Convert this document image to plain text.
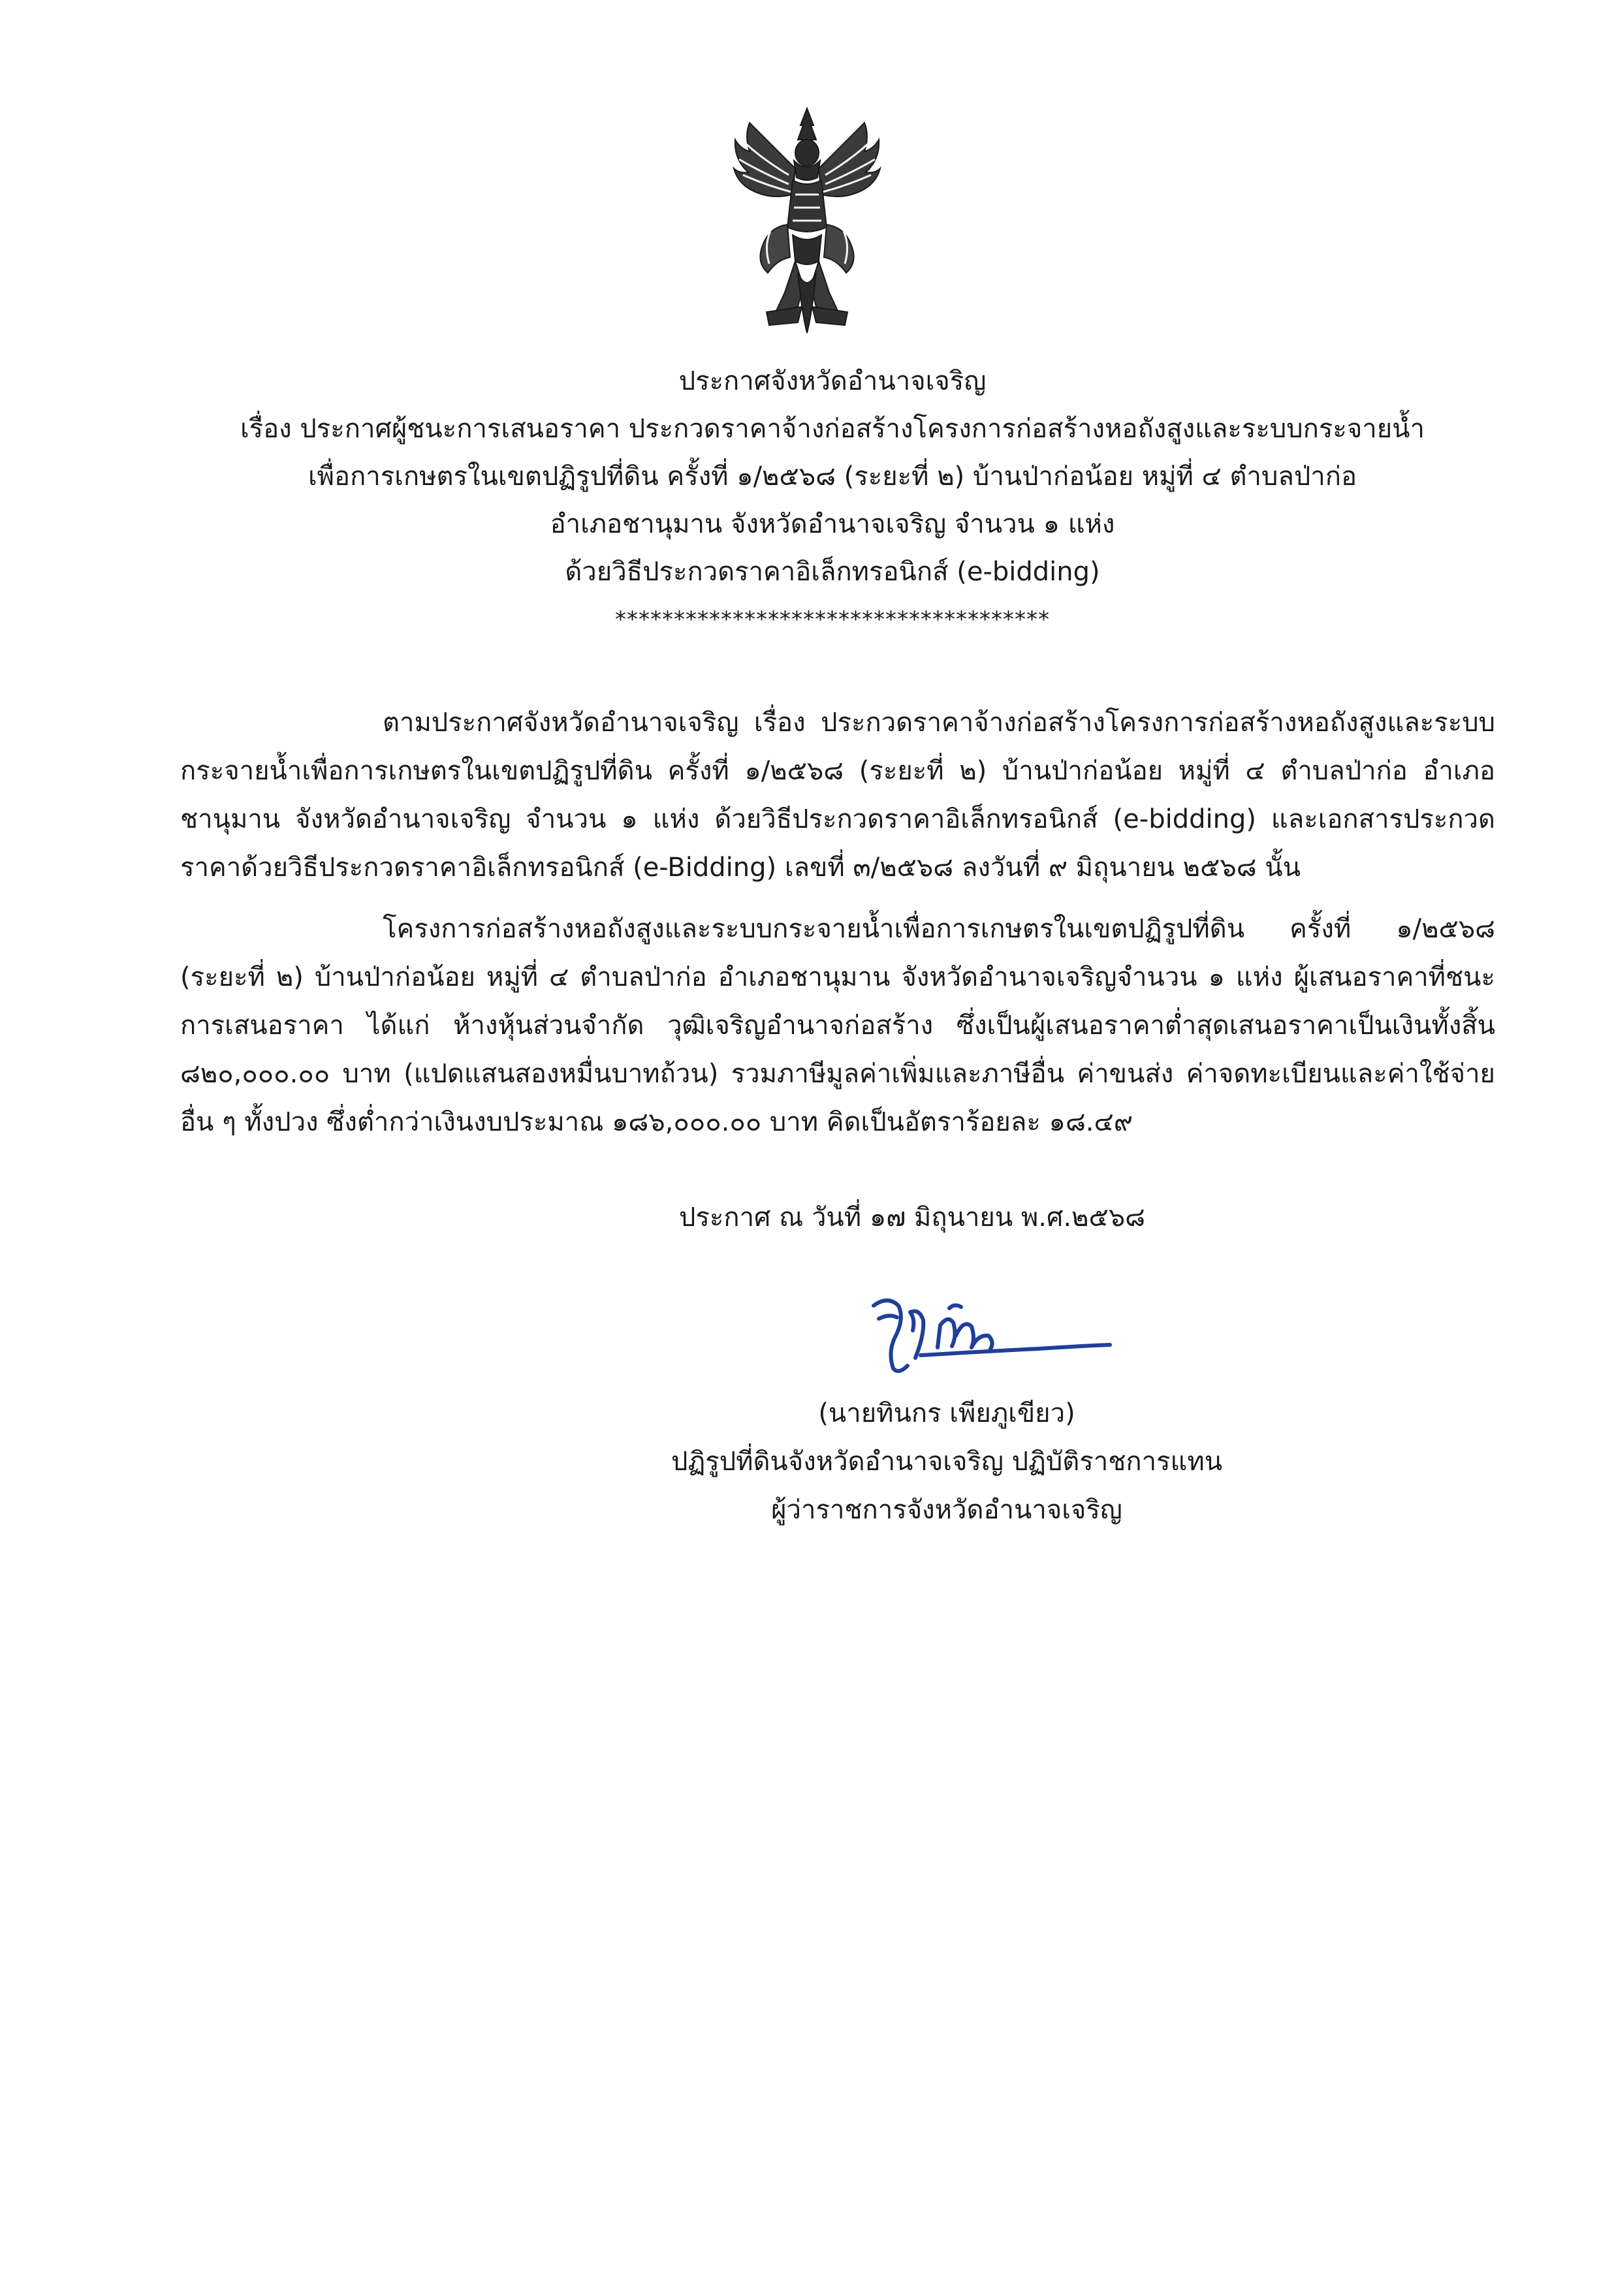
ประกาศจังหวัดอำนาจเจริญ
เรื่อง ประกาศผู้ชนะการเสนอราคา ประกวดราคาจ้างก่อสร้างโครงการก่อสร้างหอถังสูงและระบบกระจายน้ำ
เพื่อการเกษตรในเขตปฏิรูปที่ดิน ครั้งที่ ๑/๒๕๖๘ (ระยะที่ ๒) บ้านป่าก่อน้อย หมู่ที่ ๔ ตำบลป่าก่อ
อำเภอชานุมาน จังหวัดอำนาจเจริญ จำนวน ๑ แห่ง
ด้วยวิธีประกวดราคาอิเล็กทรอนิกส์ (e-bidding)
*************************************

ตามประกาศจังหวัดอำนาจเจริญ เรื่อง ประกวดราคาจ้างก่อสร้างโครงการก่อสร้างหอถังสูงและระบบกระจายน้ำเพื่อการเกษตรในเขตปฏิรูปที่ดิน ครั้งที่ ๑/๒๕๖๘ (ระยะที่ ๒) บ้านป่าก่อน้อย หมู่ที่ ๔ ตำบลป่าก่อ อำเภอชานุมาน จังหวัดอำนาจเจริญ จำนวน ๑ แห่ง ด้วยวิธีประกวดราคาอิเล็กทรอนิกส์ (e-bidding) และเอกสารประกวดราคาด้วยวิธีประกวดราคาอิเล็กทรอนิกส์ (e-Bidding) เลขที่ ๓/๒๕๖๘ ลงวันที่ ๙ มิถุนายน ๒๕๖๘ นั้น

โครงการก่อสร้างหอถังสูงและระบบกระจายน้ำเพื่อการเกษตรในเขตปฏิรูปที่ดิน ครั้งที่ ๑/๒๕๖๘ (ระยะที่ ๒) บ้านป่าก่อน้อย หมู่ที่ ๔ ตำบลป่าก่อ อำเภอชานุมาน จังหวัดอำนาจเจริญจำนวน ๑ แห่ง ผู้เสนอราคาที่ชนะการเสนอราคา ได้แก่ ห้างหุ้นส่วนจำกัด วุฒิเจริญอำนาจก่อสร้าง ซึ่งเป็นผู้เสนอราคาต่ำสุดเสนอราคาเป็นเงินทั้งสิ้น ๘๒๐,๐๐๐.๐๐ บาท (แปดแสนสองหมื่นบาทถ้วน) รวมภาษีมูลค่าเพิ่มและภาษีอื่น ค่าขนส่ง ค่าจดทะเบียนและค่าใช้จ่ายอื่น ๆ ทั้งปวง ซึ่งต่ำกว่าเงินงบประมาณ ๑๘๖,๐๐๐.๐๐ บาท คิดเป็นอัตราร้อยละ ๑๘.๔๙

ประกาศ ณ วันที่ ๑๗ มิถุนายน พ.ศ.๒๕๖๘
(นายทินกร เพียภูเขียว)
ปฏิรูปที่ดินจังหวัดอำนาจเจริญ ปฏิบัติราชการแทน
ผู้ว่าราชการจังหวัดอำนาจเจริญ
